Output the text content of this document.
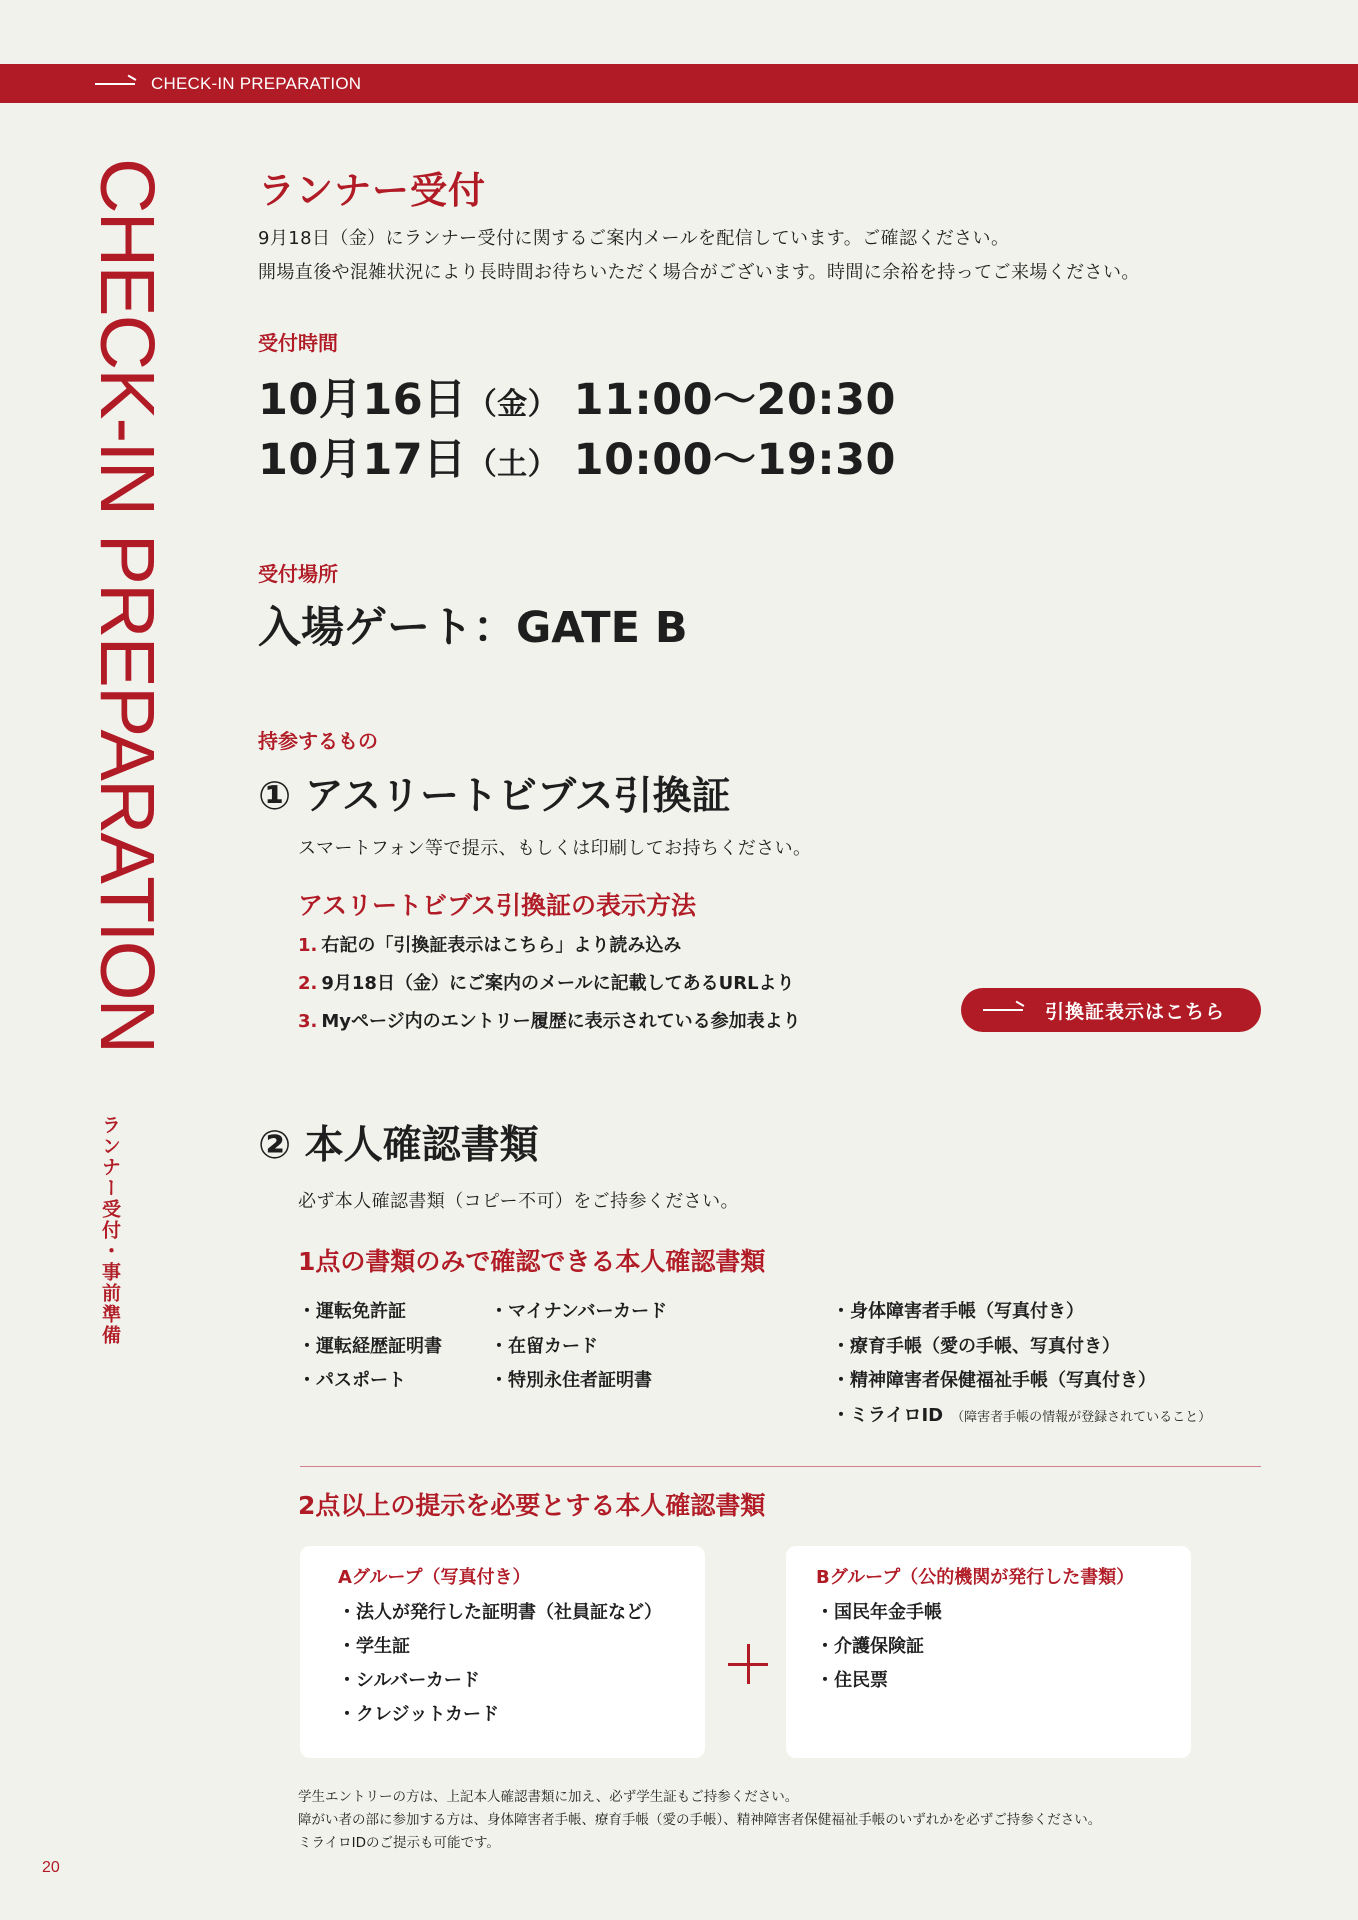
CHECK-IN PREPARATION
CHECK-IN PREPARATION
ランナー受付・事前準備
ランナー受付
9月18日（金）にランナー受付に関するご案内メールを配信しています。ご確認ください。
開場直後や混雑状況により長時間お待ちいただく場合がございます。時間に余裕を持ってご来場ください。
受付時間
10月16日（金） 11:00〜20:30
10月17日（土） 10:00〜19:30
受付場所
入場ゲート：GATE B
持参するもの
① アスリートビブス引換証
スマートフォン等で提示、もしくは印刷してお持ちください。
アスリートビブス引換証の表示方法
1. 右記の「引換証表示はこちら」より読み込み
2. 9月18日（金）にご案内のメールに記載してあるURLより
3. Myページ内のエントリー履歴に表示されている参加表より	引換証表示はこちら
② 本人確認書類
必ず本人確認書類（コピー不可）をご持参ください。
1点の書類のみで確認できる本人確認書類
・運転免許証
・運転経歴証明書
・パスポート
・マイナンバーカード
・在留カード
・特別永住者証明書
・身体障害者手帳（写真付き）
・療育手帳（愛の手帳、写真付き）
・精神障害者保健福祉手帳（写真付き）
・ミライロID （障害者手帳の情報が登録されていること）
2点以上の提示を必要とする本人確認書類
Aグループ（写真付き）
・法人が発行した証明書（社員証など）
・学生証
・シルバーカード
・クレジットカード
Bグループ（公的機関が発行した書類）
・国民年金手帳
・介護保険証
・住民票
学生エントリーの方は、上記本人確認書類に加え、必ず学生証もご持参ください。
障がい者の部に参加する方は、身体障害者手帳、療育手帳（愛の手帳）、精神障害者保健福祉手帳のいずれかを必ずご持参ください。
ミライロIDのご提示も可能です。
20
